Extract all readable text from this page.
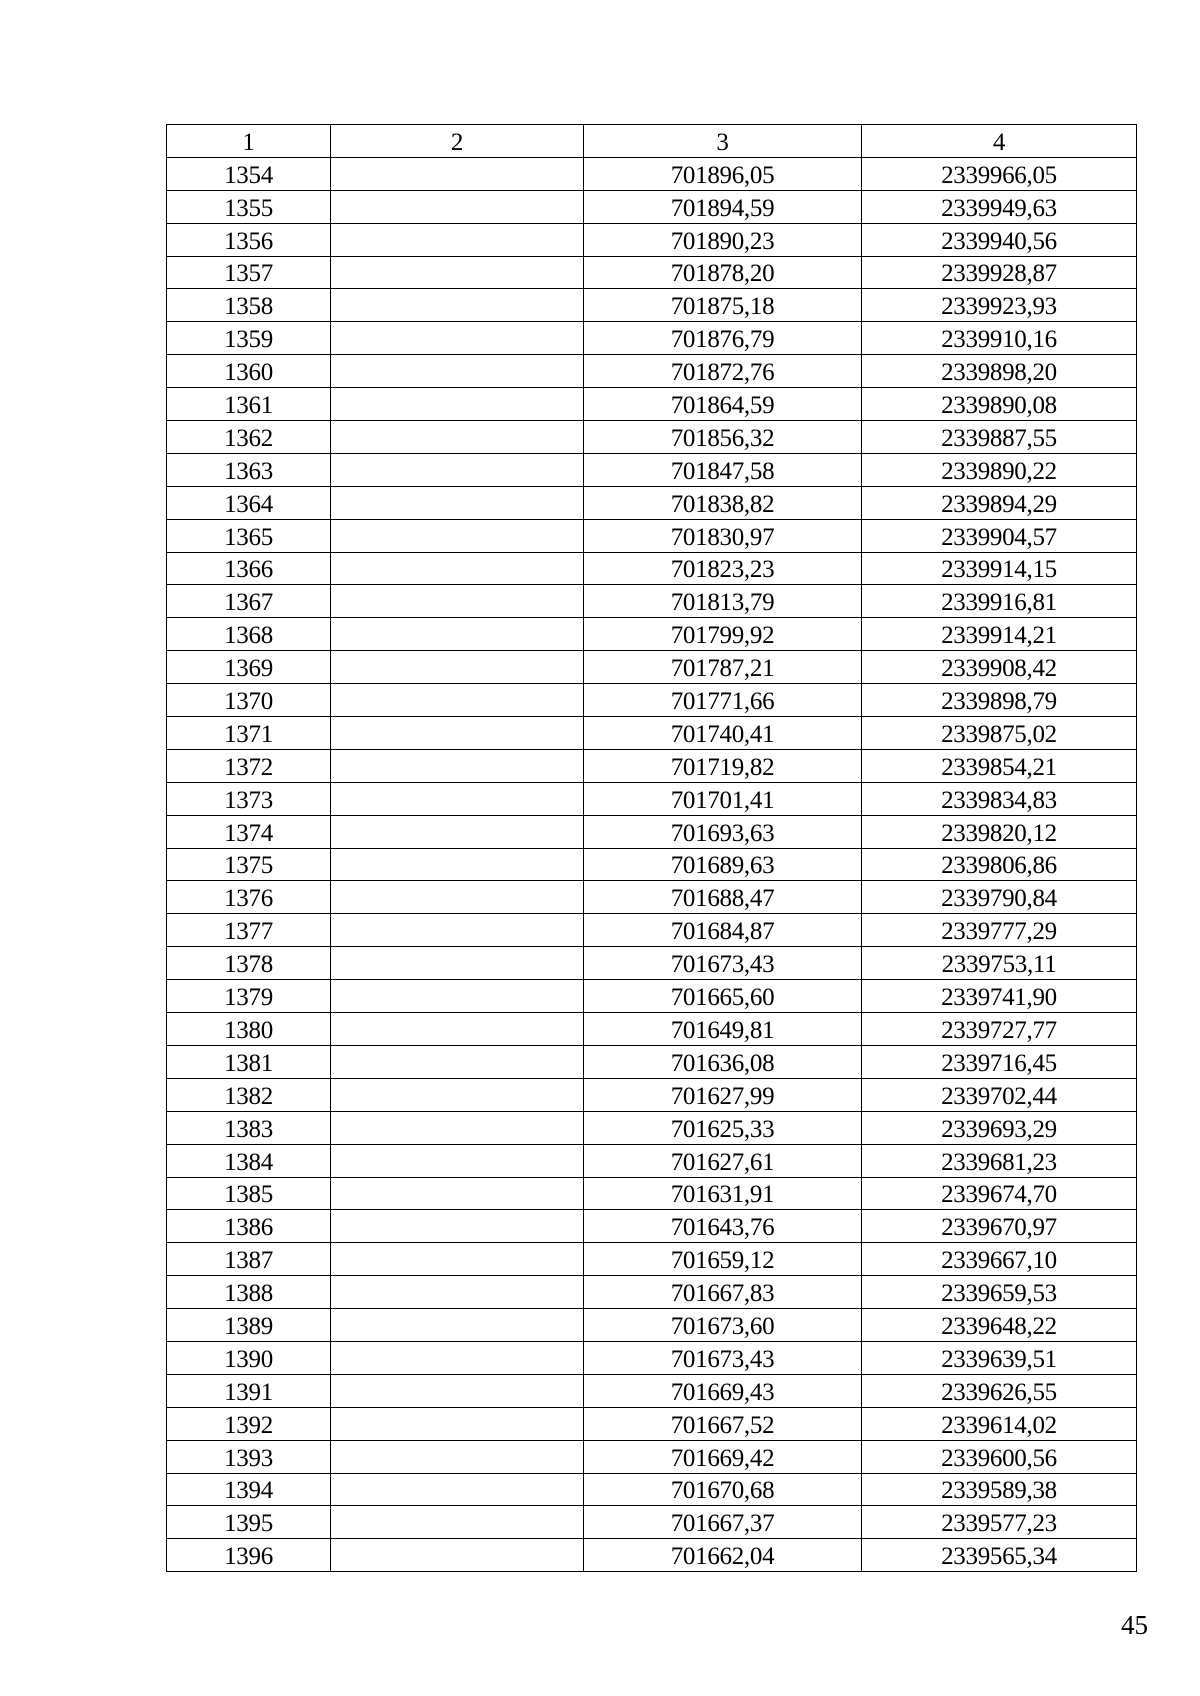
1	2	3	4
1354		701896,05	2339966,05
1355		701894,59	2339949,63
1356		701890,23	2339940,56
1357		701878,20	2339928,87
1358		701875,18	2339923,93
1359		701876,79	2339910,16
1360		701872,76	2339898,20
1361		701864,59	2339890,08
1362		701856,32	2339887,55
1363		701847,58	2339890,22
1364		701838,82	2339894,29
1365		701830,97	2339904,57
1366		701823,23	2339914,15
1367		701813,79	2339916,81
1368		701799,92	2339914,21
1369		701787,21	2339908,42
1370		701771,66	2339898,79
1371		701740,41	2339875,02
1372		701719,82	2339854,21
1373		701701,41	2339834,83
1374		701693,63	2339820,12
1375		701689,63	2339806,86
1376		701688,47	2339790,84
1377		701684,87	2339777,29
1378		701673,43	2339753,11
1379		701665,60	2339741,90
1380		701649,81	2339727,77
1381		701636,08	2339716,45
1382		701627,99	2339702,44
1383		701625,33	2339693,29
1384		701627,61	2339681,23
1385		701631,91	2339674,70
1386		701643,76	2339670,97
1387		701659,12	2339667,10
1388		701667,83	2339659,53
1389		701673,60	2339648,22
1390		701673,43	2339639,51
1391		701669,43	2339626,55
1392		701667,52	2339614,02
1393		701669,42	2339600,56
1394		701670,68	2339589,38
1395		701667,37	2339577,23
1396		701662,04	2339565,34
45
